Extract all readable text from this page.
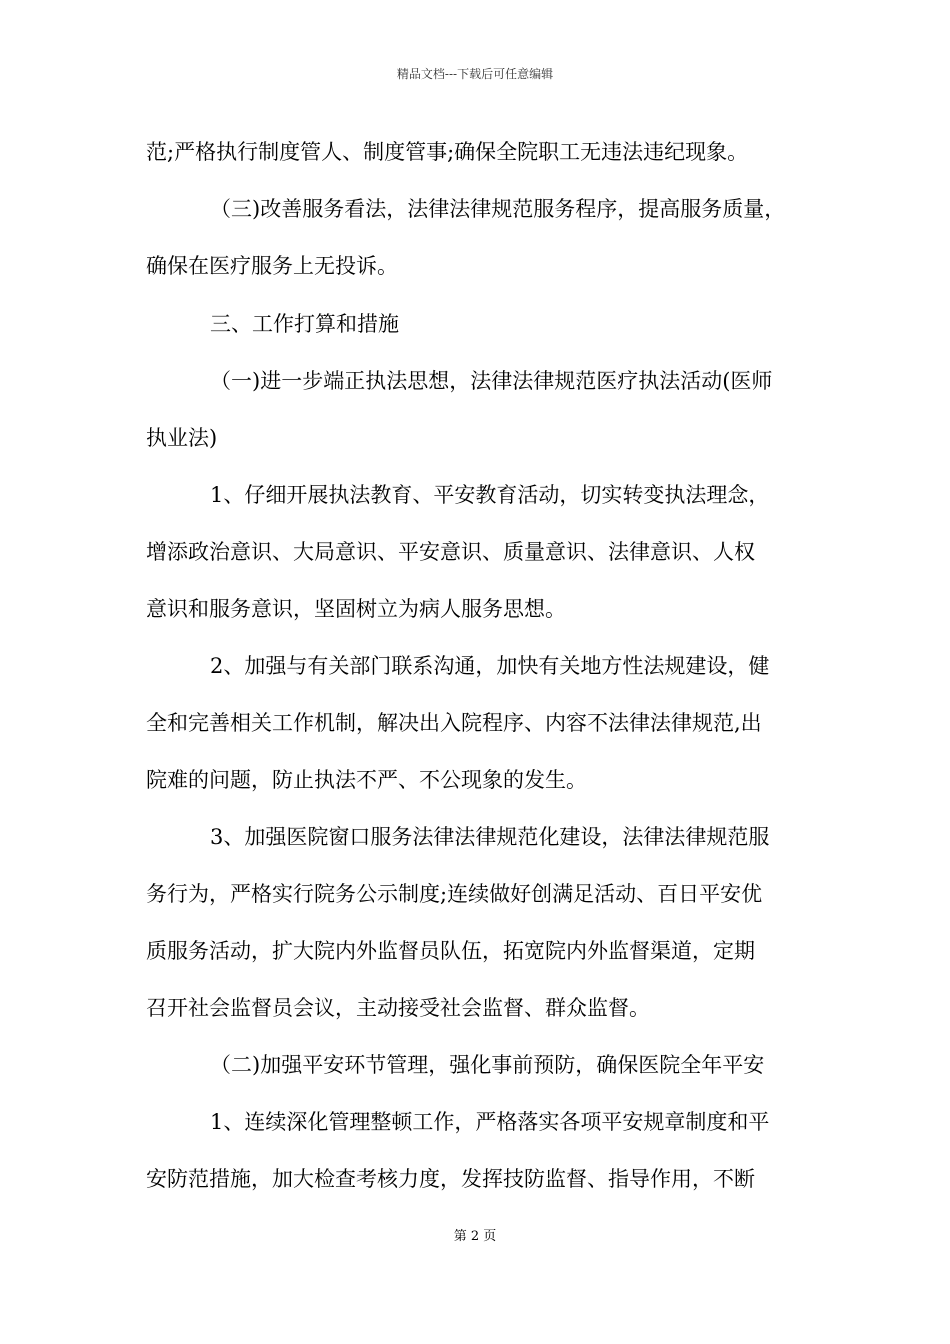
精品文档---下载后可任意编辑
范;严格执行制度管人、制度管事;确保全院职工无违法违纪现象。
（三)改善服务看法，法律法律规范服务程序，提高服务质量，
确保在医疗服务上无投诉。
三、工作打算和措施
（一)进一步端正执法思想，法律法律规范医疗执法活动(医师
执业法)
1、仔细开展执法教育、平安教育活动，切实转变执法理念，
增添政治意识、大局意识、平安意识、质量意识、法律意识、人权
意识和服务意识，坚固树立为病人服务思想。
2、加强与有关部门联系沟通，加快有关地方性法规建设，健
全和完善相关工作机制，解决出入院程序、内容不法律法律规范,出
院难的问题，防止执法不严、不公现象的发生。
3、加强医院窗口服务法律法律规范化建设，法律法律规范服
务行为，严格实行院务公示制度;连续做好创满足活动、百日平安优
质服务活动，扩大院内外监督员队伍，拓宽院内外监督渠道，定期
召开社会监督员会议，主动接受社会监督、群众监督。
（二)加强平安环节管理，强化事前预防，确保医院全年平安
1、连续深化管理整顿工作，严格落实各项平安规章制度和平
安防范措施，加大检查考核力度，发挥技防监督、指导作用，不断
第 2 页
